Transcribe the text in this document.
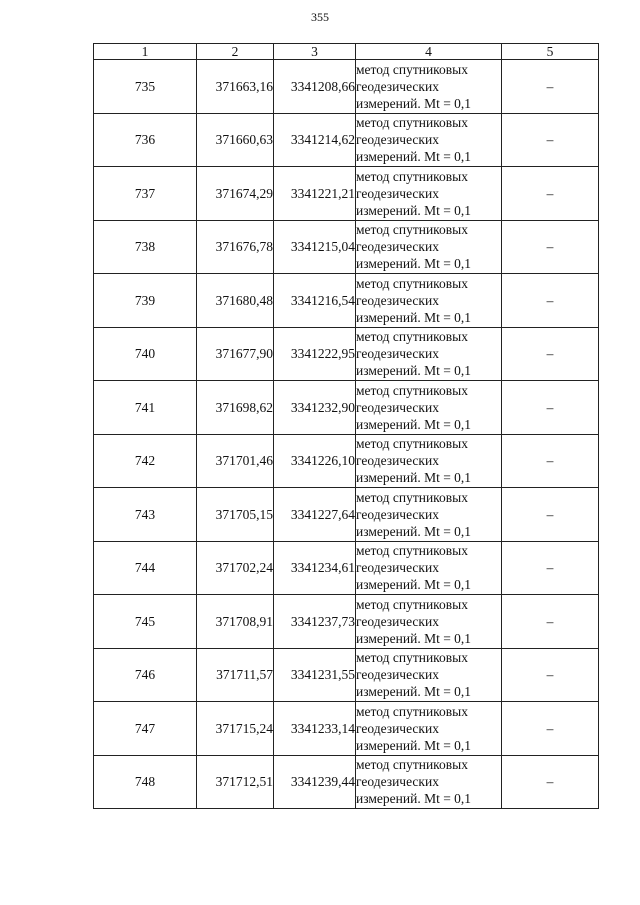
355
1	2	3	4	5
735	371663,16	3341208,66	метод спутниковых
геодезических
измерений. Mt = 0,1	–
736	371660,63	3341214,62	метод спутниковых
геодезических
измерений. Mt = 0,1	–
737	371674,29	3341221,21	метод спутниковых
геодезических
измерений. Mt = 0,1	–
738	371676,78	3341215,04	метод спутниковых
геодезических
измерений. Mt = 0,1	–
739	371680,48	3341216,54	метод спутниковых
геодезических
измерений. Mt = 0,1	–
740	371677,90	3341222,95	метод спутниковых
геодезических
измерений. Mt = 0,1	–
741	371698,62	3341232,90	метод спутниковых
геодезических
измерений. Mt = 0,1	–
742	371701,46	3341226,10	метод спутниковых
геодезических
измерений. Mt = 0,1	–
743	371705,15	3341227,64	метод спутниковых
геодезических
измерений. Mt = 0,1	–
744	371702,24	3341234,61	метод спутниковых
геодезических
измерений. Mt = 0,1	–
745	371708,91	3341237,73	метод спутниковых
геодезических
измерений. Mt = 0,1	–
746	371711,57	3341231,55	метод спутниковых
геодезических
измерений. Mt = 0,1	–
747	371715,24	3341233,14	метод спутниковых
геодезических
измерений. Mt = 0,1	–
748	371712,51	3341239,44	метод спутниковых
геодезических
измерений. Mt = 0,1	–
